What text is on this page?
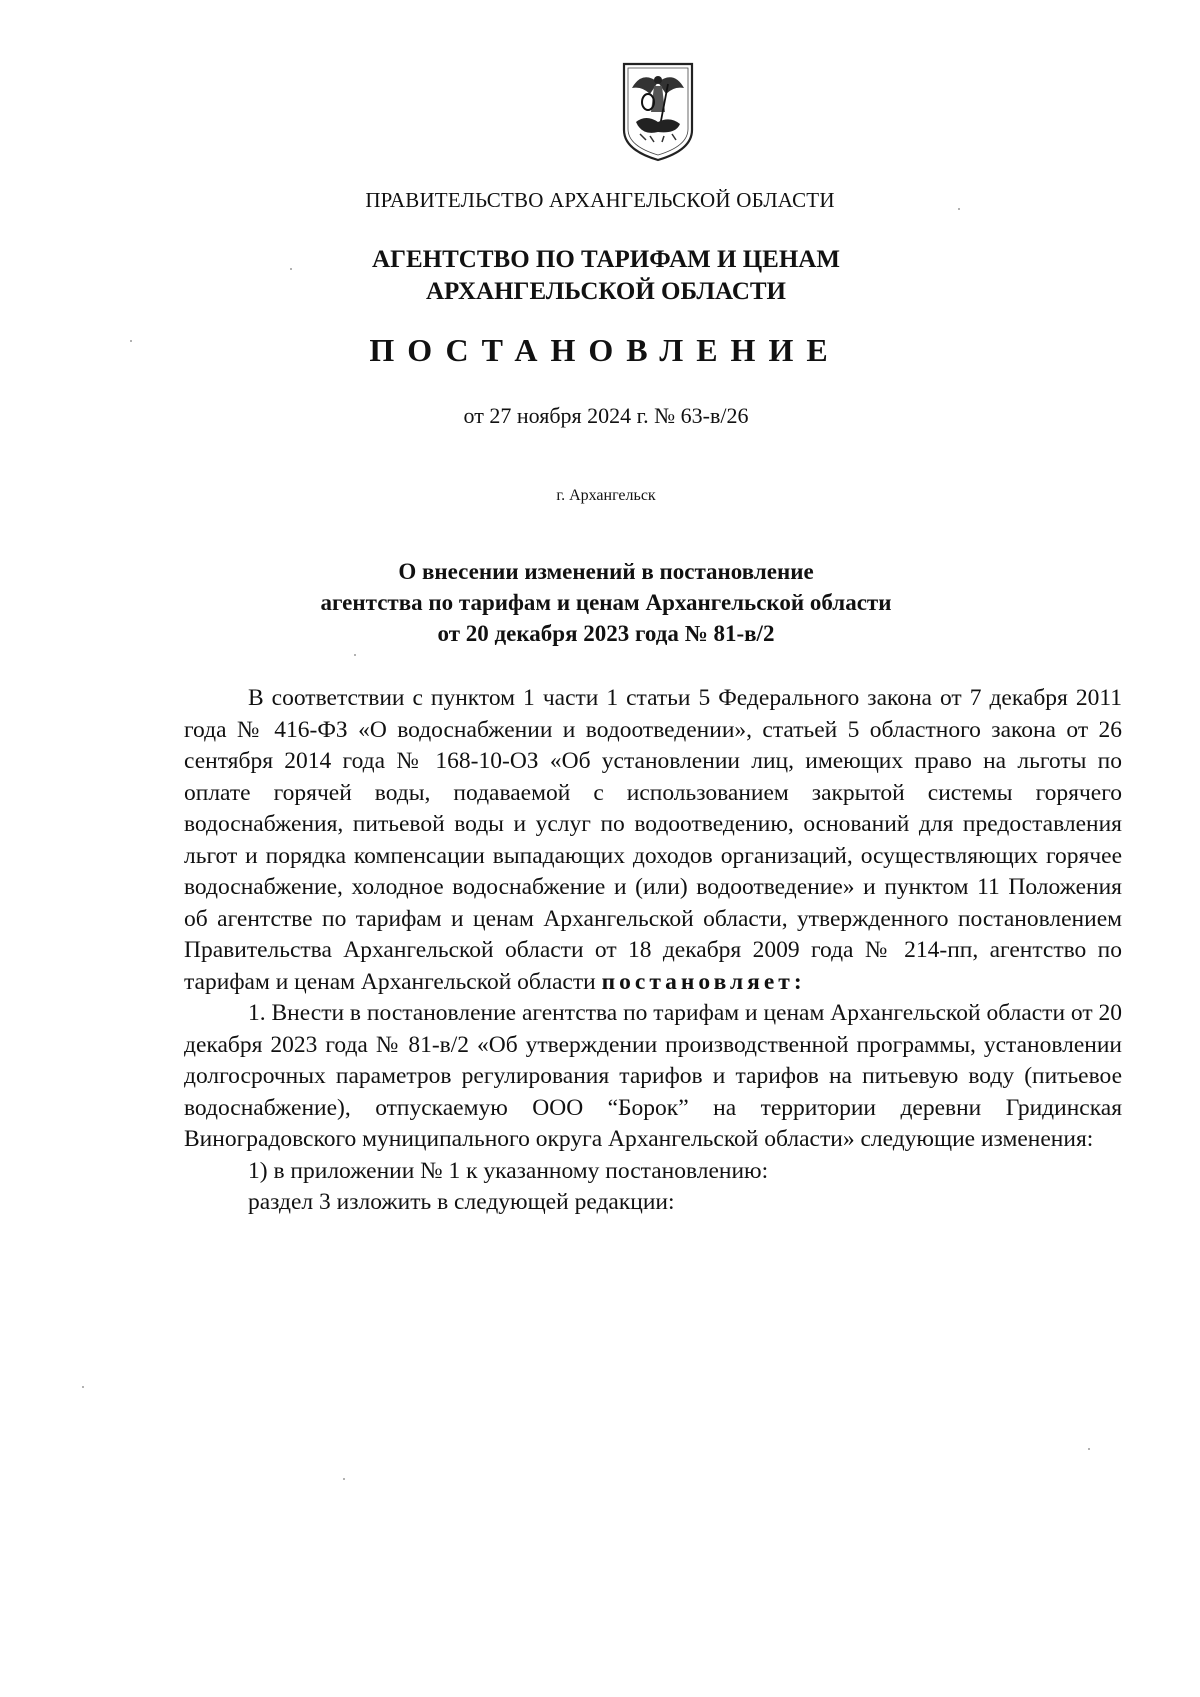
ПРАВИТЕЛЬСТВО АРХАНГЕЛЬСКОЙ ОБЛАСТИ
АГЕНТСТВО ПО ТАРИФАМ И ЦЕНАМ
АРХАНГЕЛЬСКОЙ ОБЛАСТИ
ПОСТАНОВЛЕНИЕ
от 27 ноября 2024 г. № 63-в/26
г. Архангельск
О внесении изменений в постановление
агентства по тарифам и ценам Архангельской области
от 20 декабря 2023 года № 81-в/2

В соответствии с пунктом 1 части 1 статьи 5 Федерального закона от 7 декабря 2011 года № 416-ФЗ «О водоснабжении и водоотведении», статьей 5 областного закона от 26 сентября 2014 года № 168-10-ОЗ «Об установлении лиц, имеющих право на льготы по оплате горячей воды, подаваемой с использованием закрытой системы горячего водоснабжения, питьевой воды и услуг по водоотведению, оснований для предоставления льгот и порядка компенсации выпадающих доходов организаций, осуществляющих горячее водоснабжение, холодное водоснабжение и (или) водоотведение» и пунктом 11 Положения об агентстве по тарифам и ценам Архангельской области, утвержденного постановлением Правительства Архангельской области от 18 декабря 2009 года № 214-пп, агентство по тарифам и ценам Архангельской области постановляет:

1. Внести в постановление агентства по тарифам и ценам Архангельской области от 20 декабря 2023 года № 81-в/2 «Об утверждении производственной программы, установлении долгосрочных параметров регулирования тарифов и тарифов на питьевую воду (питьевое водоснабжение), отпускаемую ООО “Борок” на территории деревни Гридинская Виноградовского муниципального округа Архангельской области» следующие изменения:

1) в приложении № 1 к указанному постановлению:

раздел 3 изложить в следующей редакции:
